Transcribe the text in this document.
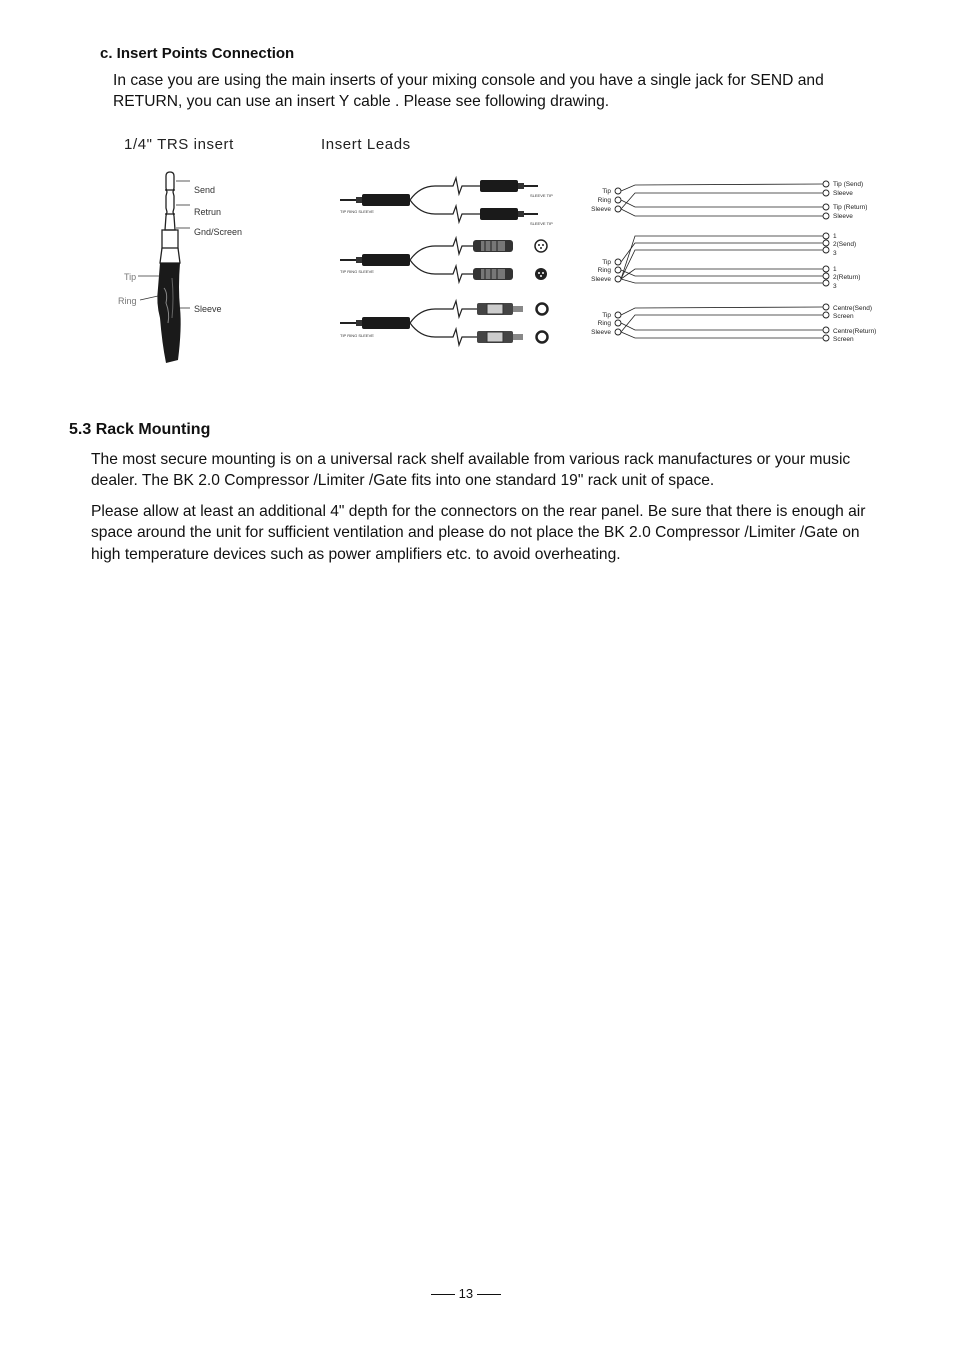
c. Insert Points Connection
In case you are using the main inserts of your mixing console and you have a single jack for SEND and
RETURN, you can use an insert Y cable . Please see following drawing.
1/4" TRS insert	Insert Leads
Send
Retrun
Gnd/Screen
Tip
Ring
Sleeve
TIP RING SLEEVE
SLEEVE TIP
SLEEVE TIP
TIP RING SLEEVE
TIP RING SLEEVE
Tip
Ring
Sleeve
Tip (Send)
Sleeve
Tip (Return)
Sleeve
Tip
Ring
Sleeve
1
2(Send)
3
1
2(Return)
3
Tip
Ring
Sleeve
Centre(Send)
Screen
Centre(Return)
Screen
5.3 Rack Mounting
The most secure mounting is on a universal rack shelf available from various rack manufactures or your music
dealer. The BK 2.0 Compressor /Limiter /Gate fits into one standard 19" rack unit of space.
Please allow at least an additional 4" depth for the connectors on the rear panel. Be sure that there is enough air
space around the unit for sufficient ventilation and please do not place the BK 2.0 Compressor /Limiter /Gate on
high temperature devices such as power amplifiers etc. to avoid overheating.
13
